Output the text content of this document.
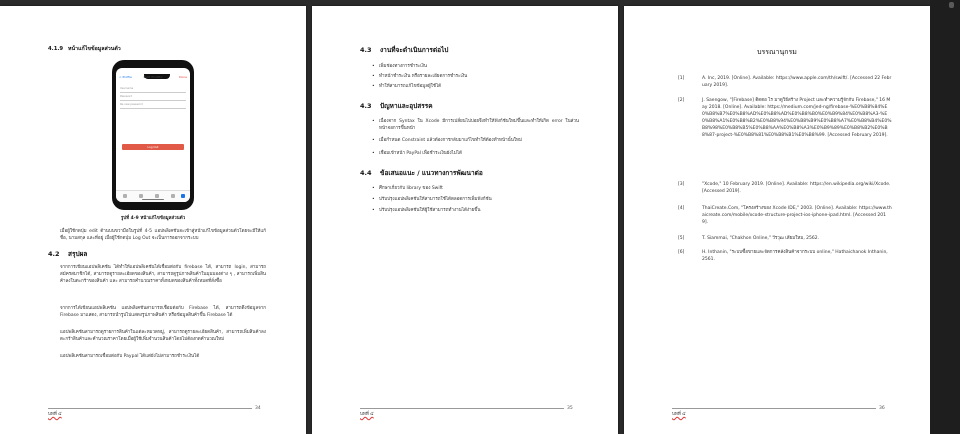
4.1.9 หน้าแก้ไขข้อมูลส่วนตัว
< Profile	Edit Profile	Done
Username
Password
Re-new password
Log Out
รูปที่ 4-9 หน้าแก้ไขข้อมูลส่วนตัว
เมื่อผู้ใช้กดปุ่ม edit ด้านบนขวามือในรูปที่ 4-5 แอปพลิเคชันจะเข้าสู่หน้าแก้ไขข้อมูลส่วนตัวโดยจะมีให้แก้ชื่อ, นามสกุล และที่อยู่ เมื่อผู้ใช้กดปุ่ม Log Out จะเป็นการออกจากระบบ
4.2 สรุปผล
จากการเขียนแอปพลิเคชัน ได้ทำให้แอปพลิเคชันได้เชื่อมต่อกับ firebase ได้, สามารถ login, สามารถสมัครสมาชิกได้, สามารถดูรายละเอียดของสินค้า, สามารถดูรูปภาพสินค้าในมุมมองต่าง ๆ , สามารถเพิ่มสินค้าลงในตะกร้าของสินค้า และ สามารถคำนวณราคาทั้งหมดของสินค้าทั้งหมดที่สั่งซื้อ
จากการได้เขียนแอปพลิเคชัน แอปพลิเคชันสามารถเชื่อมต่อกับ Firebase ได้, สามารถดึงข้อมูลจาก Firebase มาแสดง, สามารถนำรูปไปแสดงรูปภาพสินค้า หรือข้อมูลสินค้าขึ้น Firebase ได้
แอปพลิเคชันสามารถดูรายการสินค้าในแต่ละหมวดหมู่, สามารถดูรายละเอียดสินค้า, สามารถเพิ่มสินค้าลงตะกร้าสินค้าและคำนวณราคาโดยเมื่อผู้ใช้เพิ่มจำนวนสินค้าโดยไม่ต้องกดคำนวณใหม่
แอปพลิเคชันสามารถเชื่อมต่อกับ Paypal ได้แต่ยังไม่สามารถชำระเงินได้
บทที่ ๔
34
4.3 งานที่จะดำเนินการต่อไป
• เพิ่มช่องทางการชำระเงิน
• ทำหน้าชำระเงิน หรือรายละเอียดการชำระเงิน
• ทำให้สามารถแก้ไขข้อมูลผู้ใช้ได้
4.3 ปัญหาและอุปสรรค
• เนื่องจาก Syntax ใน Xcode มีการเปลี่ยนไปบ่อยจึงทำให้ฟังก์ชันใหม่ขึ้นและทำให้เกิด error ในส่วนหน้าจอการขึ้นหน้า
• เมื่อกำหนด Constraint แล้วต้องการกลับมาแก้ไขทำให้ต้องทำหน้านั้นใหม่
• เชื่อมเข้าหน้า PayPal เพื่อชำระเงินยังไม่ได้
4.4 ข้อเสนอแนะ / แนวทางการพัฒนาต่อ
• ศึกษาเกี่ยวกับ library ของ Swift
• ปรับปรุงแอปพลิเคชันให้สามารถใช้ได้ตลอดการเพิ่มฟังก์ชัน
• ปรับปรุงแอปพลิเคชันให้ผู้ใช้สามารถทำงานได้ง่ายขึ้น
บทที่ ๔
35
บรรณานุกรม
[1]	A. Inc, 2019. [Online]. Available: https://www.apple.com/th/swift/. [Accessed 22 February 2019].
[2]	J. Saengow, "[Firebase] ติดตอ ไร มาดูวิธีสร้าง Project และทำความรู้จักกับ Firebase," 16 May 2018. [Online]. Available: https://medium.com/jed-ng/firebase-%E0%B8%84%E0%B8%B7%E0%B8%AD%E0%B8%AD%E0%B8%B0%E0%B9%84%E0%B8%A3-%E0%B8%A1%E0%B8%B2%E0%B8%94%E0%B8%B9%E0%B8%A7%E0%B8%B4%E0%B8%98%E0%B8%B5%E0%B8%AA%E0%B8%A3%E0%B9%89%E0%B8%B2%E0%B8%87-project-%E0%B8%81%E0%B8%B1%E0%B8%99. [Accessed February 2019].
[3]	"Xcode," 10 February 2019. [Online]. Available: https://en.wikipedia.org/wiki/Xcode. [Accessed 2019].
[4]	ThaiCreate.Com, "โครงสร้างของ Xcode IDE," 2003. [Online]. Available: https://www.thaicreate.com/mobile/xcode-structure-project-ios-iphone-ipad.html. [Accessed 2019].
[5]	T. Siammai, "Chakhon Online," วีรวุฒ เสียมใหม, 2562.
[6]	H. Inthanin, "ระบบซื้อขายและจัดการคลังสินค้าจากระบบ online," Hathaichanok Inthanin, 2561.
บทที่ ๔
36
